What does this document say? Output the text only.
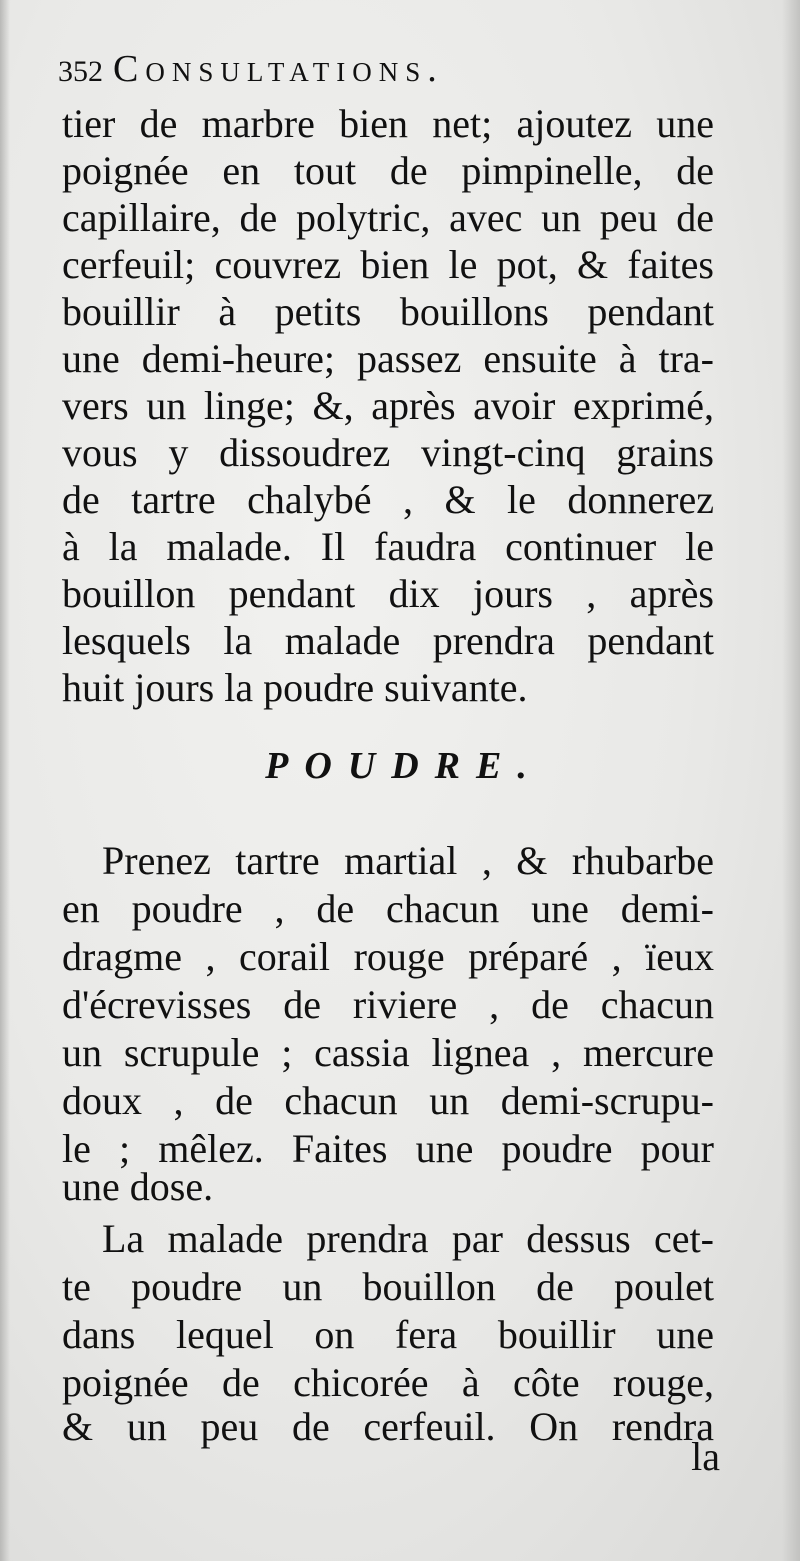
352 Consultations.
tier de marbre bien net; ajoutez une
poignée en tout de pimpinelle, de
capillaire, de polytric, avec un peu de
cerfeuil; couvrez bien le pot, & faites
bouillir à petits bouillons pendant
une demi-heure; passez ensuite à tra-
vers un linge; &, après avoir exprimé,
vous y dissoudrez vingt-cinq grains
de tartre chalybé , & le donnerez
à la malade. Il faudra continuer le
bouillon pendant dix jours , après
lesquels la malade prendra pendant
huit jours la poudre suivante.
POUDRE.
Prenez tartre martial , & rhubarbe
en poudre , de chacun une demi-
dragme , corail rouge préparé , ïeux
d'écrevisses de riviere , de chacun
un scrupule ; cassia lignea , mercure
doux , de chacun un demi-scrupu-
le ; mêlez. Faites une poudre pour
une dose.
La malade prendra par dessus cet-
te poudre un bouillon de poulet
dans lequel on fera bouillir une
poignée de chicorée à côte rouge,
& un peu de cerfeuil. On rendra
la
